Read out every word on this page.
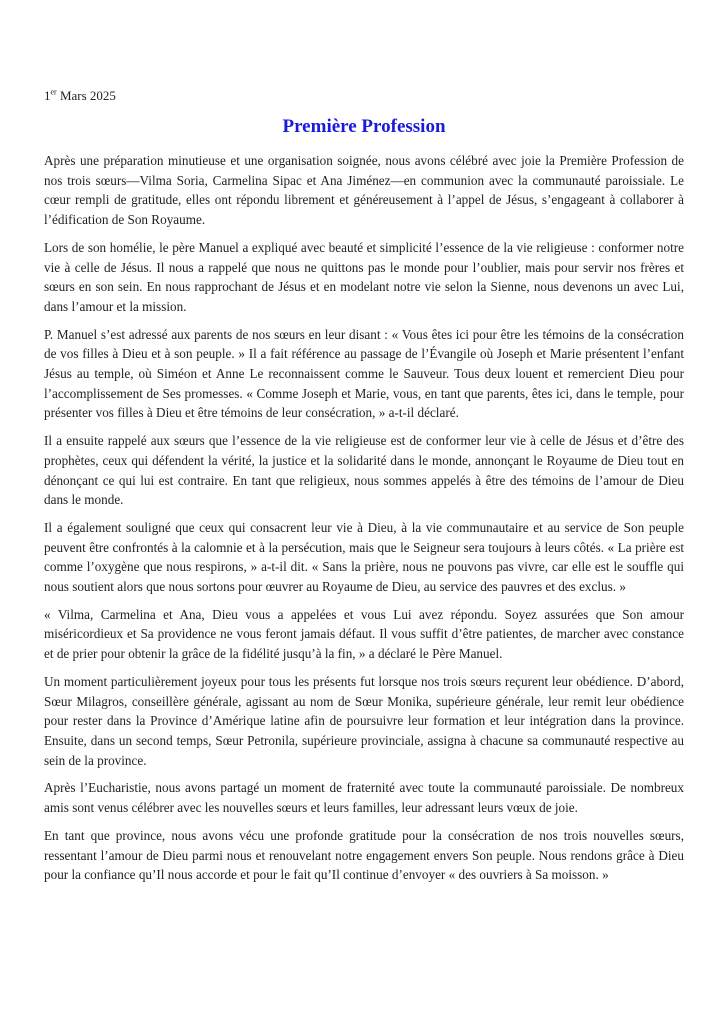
1er Mars 2025
Première Profession

Après une préparation minutieuse et une organisation soignée, nous avons célébré avec joie la Première Profession de nos trois sœurs—Vilma Soria, Carmelina Sipac et Ana Jiménez—en communion avec la communauté paroissiale. Le cœur rempli de gratitude, elles ont répondu librement et généreusement à l’appel de Jésus, s’engageant à collaborer à l’édification de Son Royaume.

Lors de son homélie, le père Manuel a expliqué avec beauté et simplicité l’essence de la vie religieuse : conformer notre vie à celle de Jésus. Il nous a rappelé que nous ne quittons pas le monde pour l’oublier, mais pour servir nos frères et sœurs en son sein. En nous rapprochant de Jésus et en modelant notre vie selon la Sienne, nous devenons un avec Lui, dans l’amour et la mission.

P. Manuel s’est adressé aux parents de nos sœurs en leur disant : « Vous êtes ici pour être les témoins de la consécration de vos filles à Dieu et à son peuple. » Il a fait référence au passage de l’Évangile où Joseph et Marie présentent l’enfant Jésus au temple, où Siméon et Anne Le reconnaissent comme le Sauveur. Tous deux louent et remercient Dieu pour l’accomplissement de Ses promesses. « Comme Joseph et Marie, vous, en tant que parents, êtes ici, dans le temple, pour présenter vos filles à Dieu et être témoins de leur consécration, » a-t-il déclaré.

Il a ensuite rappelé aux sœurs que l’essence de la vie religieuse est de conformer leur vie à celle de Jésus et d’être des prophètes, ceux qui défendent la vérité, la justice et la solidarité dans le monde, annonçant le Royaume de Dieu tout en dénonçant ce qui lui est contraire. En tant que religieux, nous sommes appelés à être des témoins de l’amour de Dieu dans le monde.

Il a également souligné que ceux qui consacrent leur vie à Dieu, à la vie communautaire et au service de Son peuple peuvent être confrontés à la calomnie et à la persécution, mais que le Seigneur sera toujours à leurs côtés. « La prière est comme l’oxygène que nous respirons, » a-t-il dit. « Sans la prière, nous ne pouvons pas vivre, car elle est le souffle qui nous soutient alors que nous sortons pour œuvrer au Royaume de Dieu, au service des pauvres et des exclus. »

« Vilma, Carmelina et Ana, Dieu vous a appelées et vous Lui avez répondu. Soyez assurées que Son amour miséricordieux et Sa providence ne vous feront jamais défaut. Il vous suffit d’être patientes, de marcher avec constance et de prier pour obtenir la grâce de la fidélité jusqu’à la fin, » a déclaré le Père Manuel.

Un moment particulièrement joyeux pour tous les présents fut lorsque nos trois sœurs reçurent leur obédience. D’abord, Sœur Milagros, conseillère générale, agissant au nom de Sœur Monika, supérieure générale, leur remit leur obédience pour rester dans la Province d’Amérique latine afin de poursuivre leur formation et leur intégration dans la province. Ensuite, dans un second temps, Sœur Petronila, supérieure provinciale, assigna à chacune sa communauté respective au sein de la province.

Après l’Eucharistie, nous avons partagé un moment de fraternité avec toute la communauté paroissiale. De nombreux amis sont venus célébrer avec les nouvelles sœurs et leurs familles, leur adressant leurs vœux de joie.

En tant que province, nous avons vécu une profonde gratitude pour la consécration de nos trois nouvelles sœurs, ressentant l’amour de Dieu parmi nous et renouvelant notre engagement envers Son peuple. Nous rendons grâce à Dieu pour la confiance qu’Il nous accorde et pour le fait qu’Il continue d’envoyer « des ouvriers à Sa moisson. »
